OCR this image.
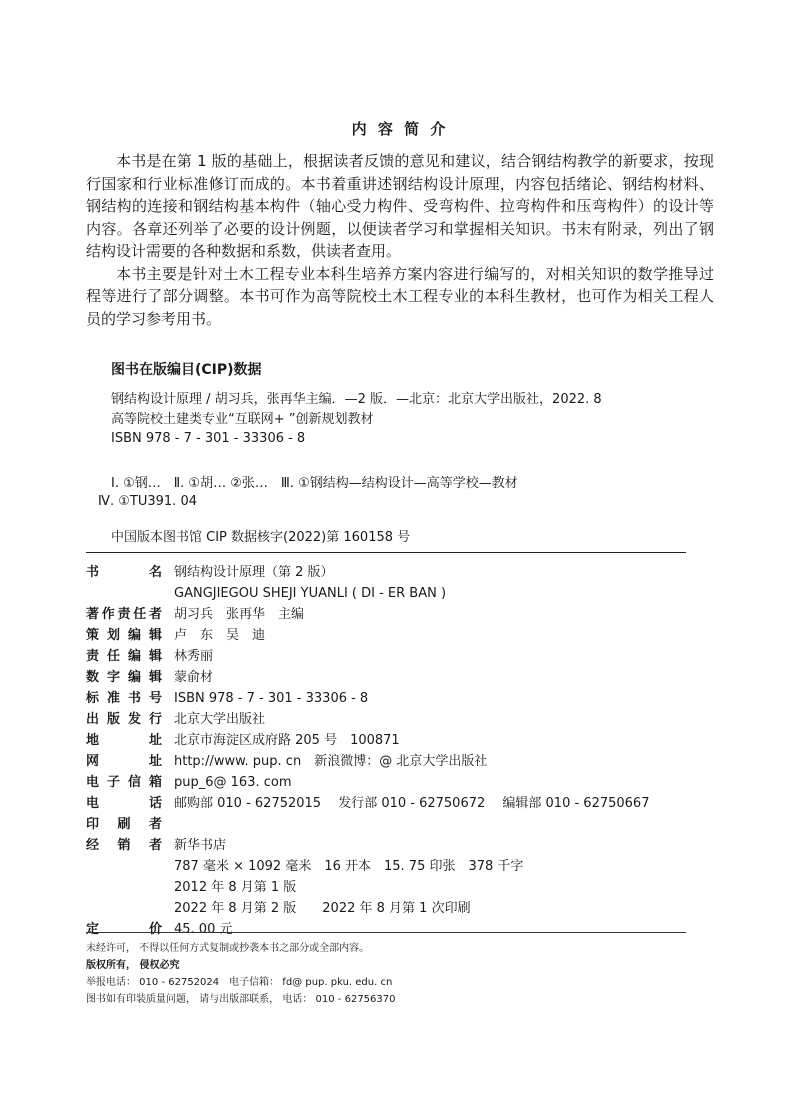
内 容 简 介

本书是在第 1 版的基础上，根据读者反馈的意见和建议，结合钢结构教学的新要求，按现行国家和行业标准修订而成的。本书着重讲述钢结构设计原理，内容包括绪论、钢结构材料、钢结构的连接和钢结构基本构件（轴心受力构件、受弯构件、拉弯构件和压弯构件）的设计等内容。各章还列举了必要的设计例题，以便读者学习和掌握相关知识。书末有附录，列出了钢结构设计需要的各种数据和系数，供读者查用。

本书主要是针对土木工程专业本科生培养方案内容进行编写的，对相关知识的数学推导过程等进行了部分调整。本书可作为高等院校土木工程专业的本科生教材，也可作为相关工程人员的学习参考用书。

图书在版编目(CIP)数据
钢结构设计原理 / 胡习兵，张再华主编．—2 版．—北京：北京大学出版社，2022. 8
高等院校土建类专业“互联网+ ”创新规划教材
ISBN 978 - 7 - 301 - 33306 - 8
Ⅰ. ①钢…　Ⅱ. ①胡… ②张…　Ⅲ. ①钢结构—结构设计—高等学校—教材
Ⅳ. ①TU391. 04
中国版本图书馆 CIP 数据核字(2022)第 160158 号
书	名 钢结构设计原理（第 2 版）
GANGJIEGOU SHEJI YUANLI ( DI - ER BAN )
著 作 责 任 者 胡习兵　张再华　主编
策 划 编 辑 卢　东　吴　迪
责 任 编 辑 林秀丽
数 字 编 辑 蒙俞材
标 准 书 号 ISBN 978 - 7 - 301 - 33306 - 8
出 版 发 行 北京大学出版社
地	址 北京市海淀区成府路 205 号　100871
网	址 http://www. pup. cn　新浪微博：@ 北京大学出版社
电 子 信 箱 pup_6@ 163. com
电	话 邮购部 010 - 62752015　 发行部 010 - 62750672　 编辑部 010 - 62750667
印 刷 者
经 销 者 新华书店
787 毫米 × 1092 毫米　16 开本　15. 75 印张　378 千字
2012 年 8 月第 1 版
2022 年 8 月第 2 版　　2022 年 8 月第 1 次印刷
定	价 45. 00 元
未经许可， 不得以任何方式复制或抄袭本书之部分或全部内容。
版权所有， 侵权必究
举报电话： 010 - 62752024　电子信箱： fd@ pup. pku. edu. cn
图书如有印装质量问题， 请与出版部联系， 电话： 010 - 62756370
